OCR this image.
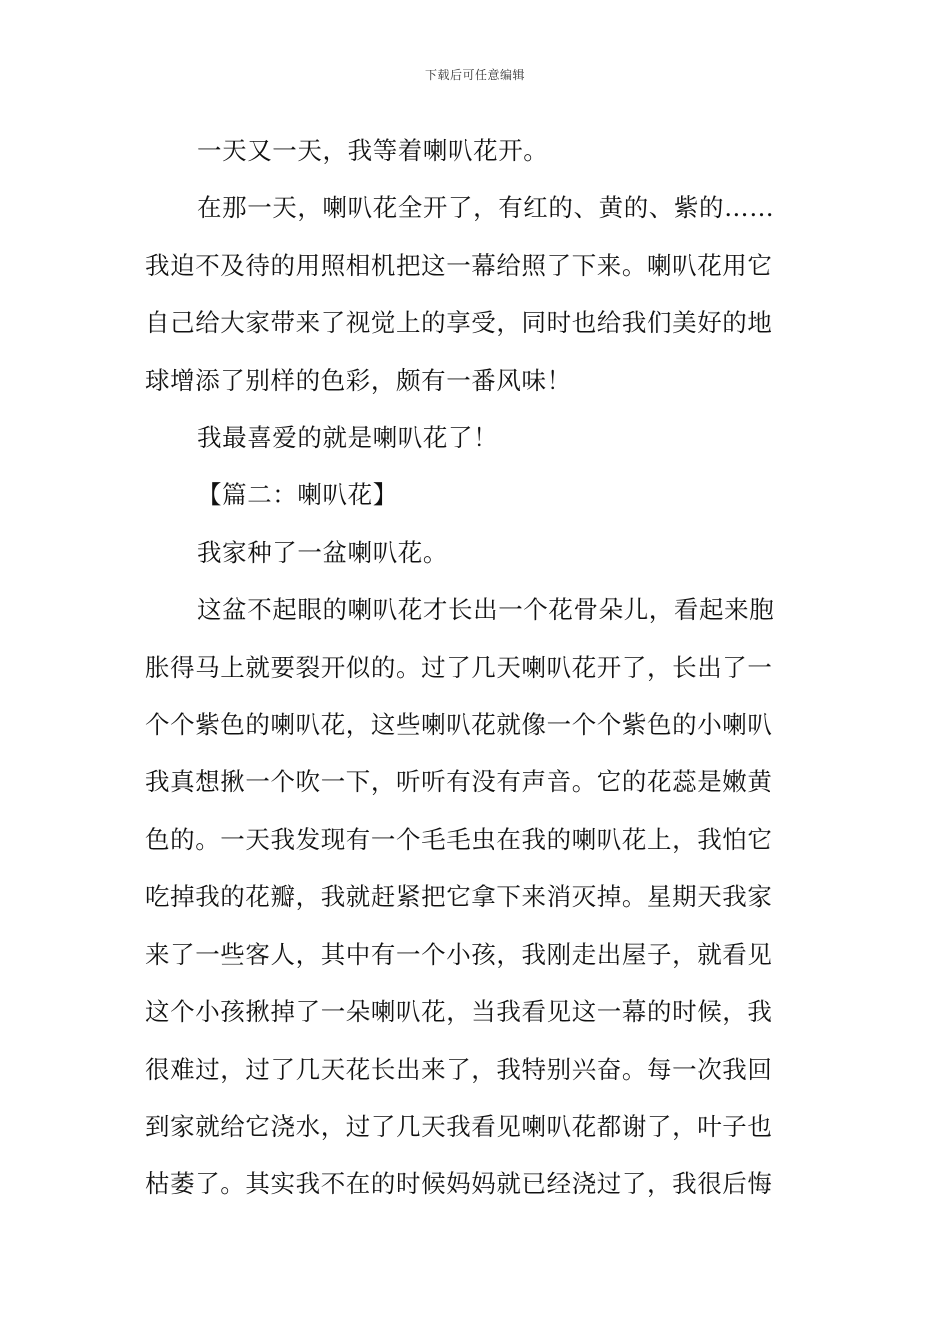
下载后可任意编辑
一天又一天，我等着喇叭花开。
在那一天，喇叭花全开了，有红的、黄的、紫的……
我迫不及待的用照相机把这一幕给照了下来。喇叭花用它
自己给大家带来了视觉上的享受，同时也给我们美好的地
球增添了别样的色彩，颇有一番风味！
我最喜爱的就是喇叭花了！
【篇二：喇叭花】
我家种了一盆喇叭花。
这盆不起眼的喇叭花才长出一个花骨朵儿，看起来胞
胀得马上就要裂开似的。过了几天喇叭花开了，长出了一
个个紫色的喇叭花，这些喇叭花就像一个个紫色的小喇叭
我真想揪一个吹一下，听听有没有声音。它的花蕊是嫩黄
色的。一天我发现有一个毛毛虫在我的喇叭花上，我怕它
吃掉我的花瓣，我就赶紧把它拿下来消灭掉。星期天我家
来了一些客人，其中有一个小孩，我刚走出屋子，就看见
这个小孩揪掉了一朵喇叭花，当我看见这一幕的时候，我
很难过，过了几天花长出来了，我特别兴奋。每一次我回
到家就给它浇水，过了几天我看见喇叭花都谢了，叶子也
枯萎了。其实我不在的时候妈妈就已经浇过了，我很后悔
